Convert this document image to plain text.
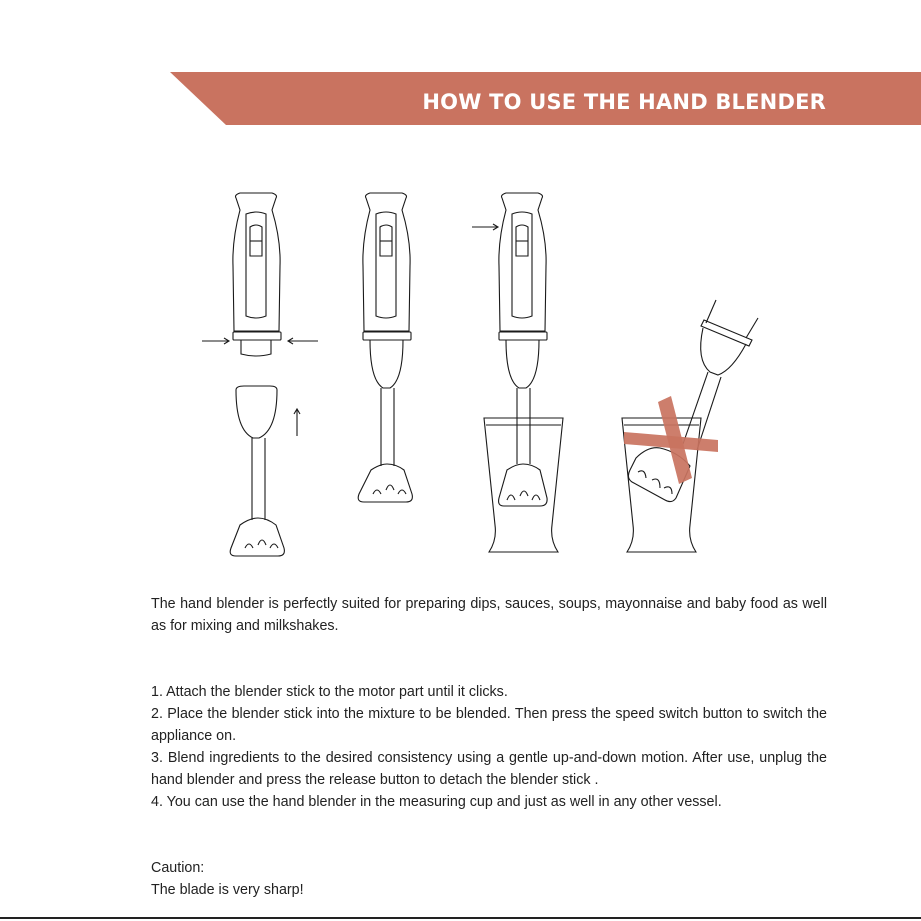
HOW TO USE THE HAND BLENDER

The hand blender is perfectly suited for preparing dips, sauces, soups, mayonnaise and baby food as well as for mixing and milkshakes.

1. Attach the blender stick to the motor part until it clicks.

2. Place the blender stick into the mixture to be blended. Then press the speed switch button to switch the appliance on.

3. Blend ingredients to the desired consistency using a gentle up-and-down motion. After use, unplug the hand blender and press the release button to detach the blender stick .

4. You can use the hand blender in the measuring cup and just as well in any other vessel.

Caution:

The blade is very sharp!
